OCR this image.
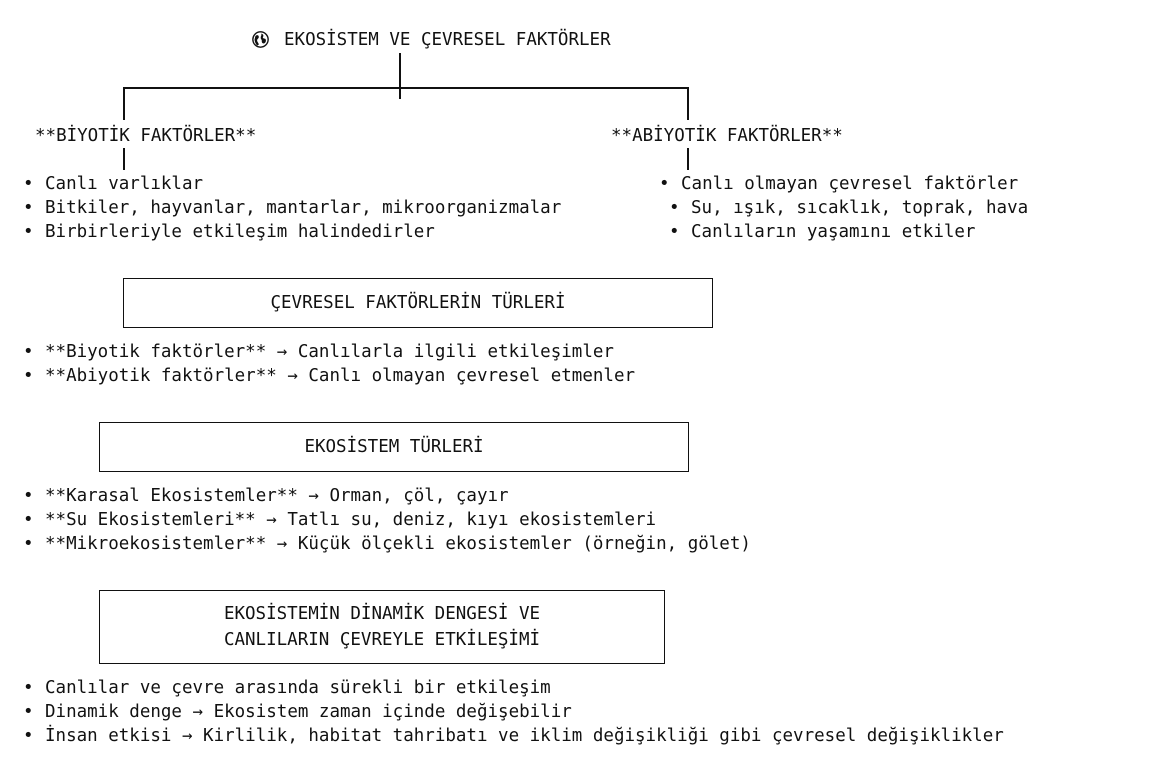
EKOSİSTEM VE ÇEVRESEL FAKTÖRLER
**BİYOTİK FAKTÖRLER**
• Canlı varlıklar
• Bitkiler, hayvanlar, mantarlar, mikroorganizmalar
• Birbirleriyle etkileşim halindedirler
**ABİYOTİK FAKTÖRLER**
• Canlı olmayan çevresel faktörler
• Su, ışık, sıcaklık, toprak, hava
• Canlıların yaşamını etkiler
ÇEVRESEL FAKTÖRLERİN TÜRLERİ
• **Biyotik faktörler** → Canlılarla ilgili etkileşimler
• **Abiyotik faktörler** → Canlı olmayan çevresel etmenler
EKOSİSTEM TÜRLERİ
• **Karasal Ekosistemler** → Orman, çöl, çayır
• **Su Ekosistemleri** → Tatlı su, deniz, kıyı ekosistemleri
• **Mikroekosistemler** → Küçük ölçekli ekosistemler (örneğin, gölet)
EKOSİSTEMİN DİNAMİK DENGESİ VE
CANLILARIN ÇEVREYLE ETKİLEŞİMİ
• Canlılar ve çevre arasında sürekli bir etkileşim
• Dinamik denge → Ekosistem zaman içinde değişebilir
• İnsan etkisi → Kirlilik, habitat tahribatı ve iklim değişikliği gibi çevresel değişiklikler
